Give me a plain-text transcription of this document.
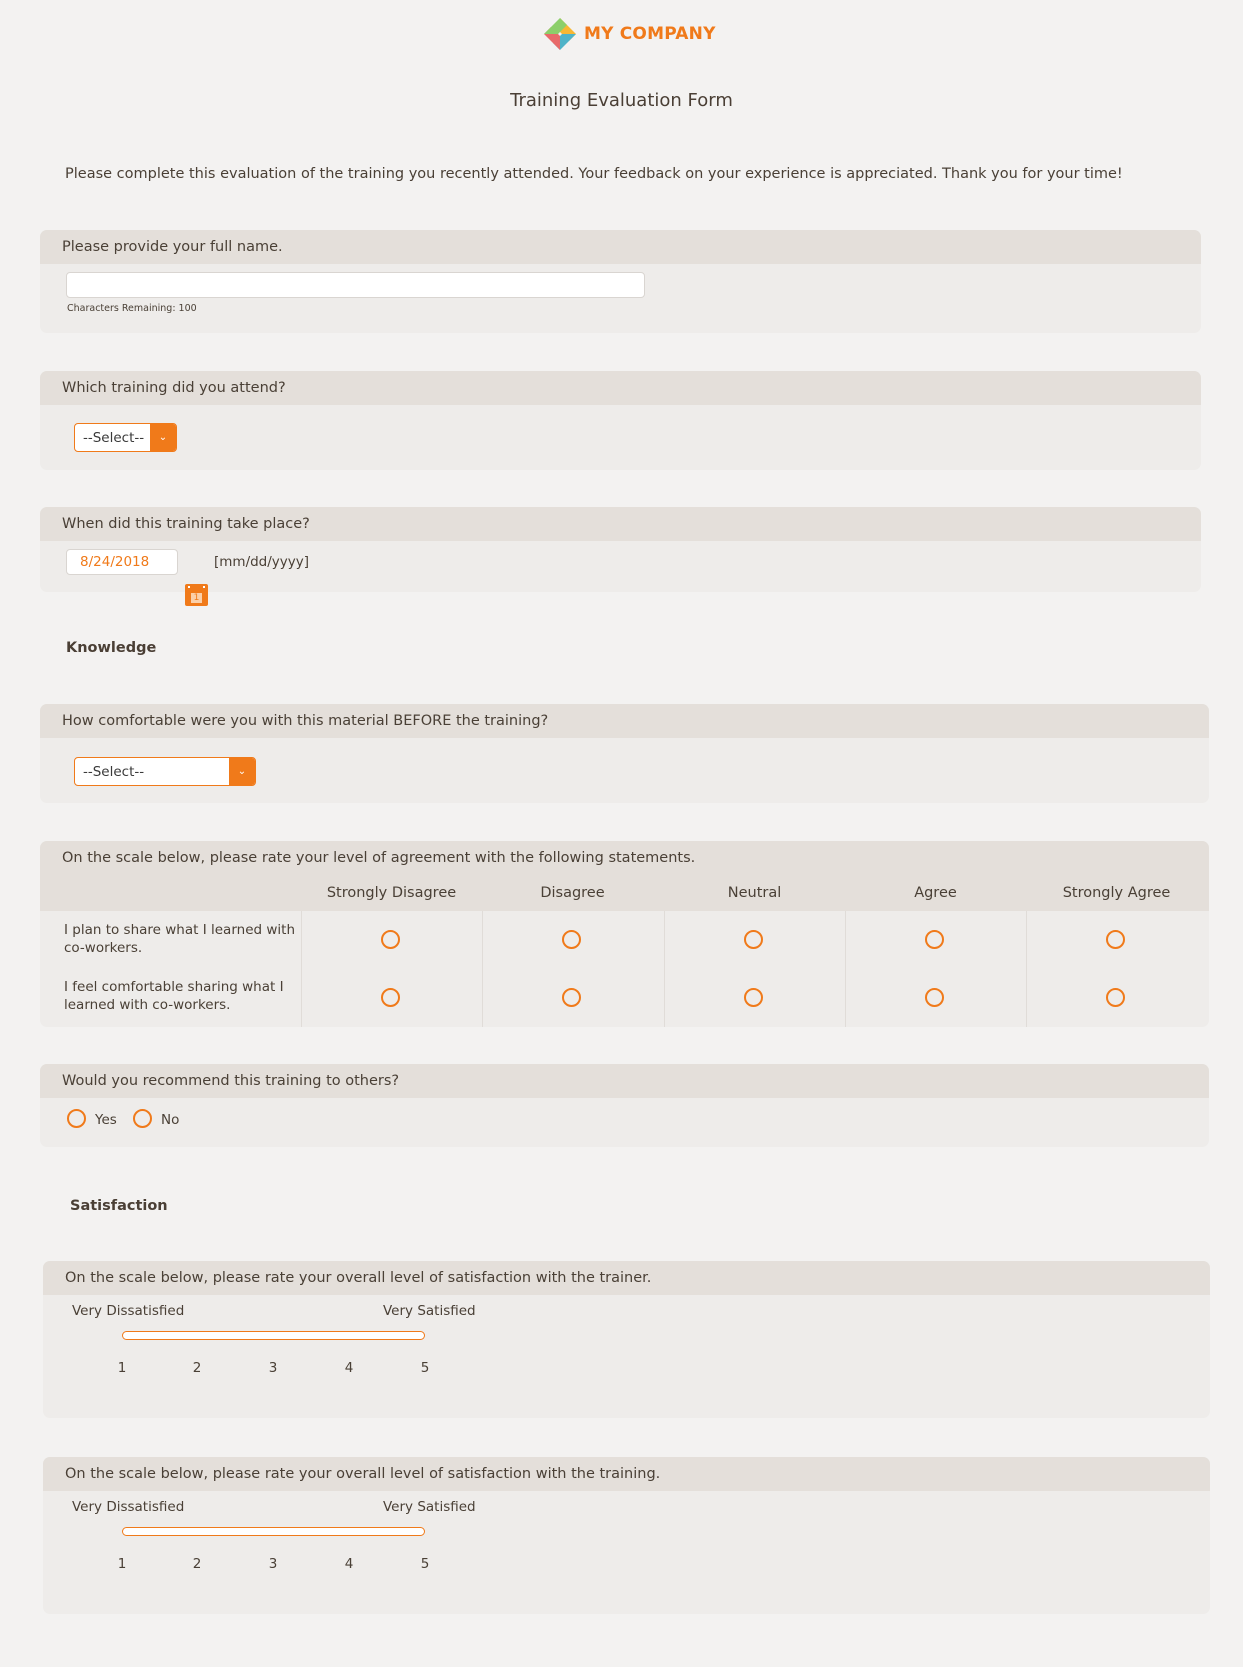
MY COMPANY
Training Evaluation Form
Please complete this evaluation of the training you recently attended. Your feedback on your experience is appreciated. Thank you for your time!
Please provide your full name.
Characters Remaining: 100
Which training did you attend?
--Select--	⌄
When did this training take place?
8/24/2018
1
[mm/dd/yyyy]
Knowledge
How comfortable were you with this material BEFORE the training?
--Select--	⌄
On the scale below, please rate your level of agreement with the following statements.
Strongly Disagree	Disagree	Neutral	Agree	Strongly Agree
I plan to share what I learned with co-workers.
I feel comfortable sharing what I learned with co-workers.
Would you recommend this training to others?
Yes	No
Satisfaction
On the scale below, please rate your overall level of satisfaction with the trainer.
Very Dissatisfied	Very Satisfied
1	2	3	4	5
On the scale below, please rate your overall level of satisfaction with the training.
Very Dissatisfied	Very Satisfied
1	2	3	4	5
